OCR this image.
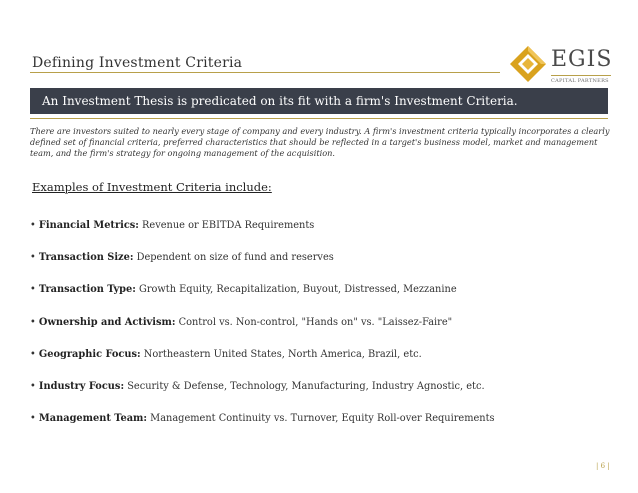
Defining Investment Criteria	EGIS
CAPITAL PARTNERS
An Investment Thesis is predicated on its fit with a firm's Investment Criteria.
There are investors suited to nearly every stage of company and every industry. A firm's investment criteria typically incorporates a clearly defined set of financial criteria, preferred characteristics that should be reflected in a target's business model, market and management team, and the firm's strategy for ongoing management of the acquisition.
Examples of Investment Criteria include:
• Financial Metrics: Revenue or EBITDA Requirements
• Transaction Size: Dependent on size of fund and reserves
• Transaction Type: Growth Equity, Recapitalization, Buyout, Distressed, Mezzanine
• Ownership and Activism: Control vs. Non-control, "Hands on" vs. "Laissez-Faire"
• Geographic Focus: Northeastern United States, North America, Brazil, etc.
• Industry Focus: Security & Defense, Technology, Manufacturing, Industry Agnostic, etc.
• Management Team: Management Continuity vs. Turnover, Equity Roll-over Requirements
| 6 |
